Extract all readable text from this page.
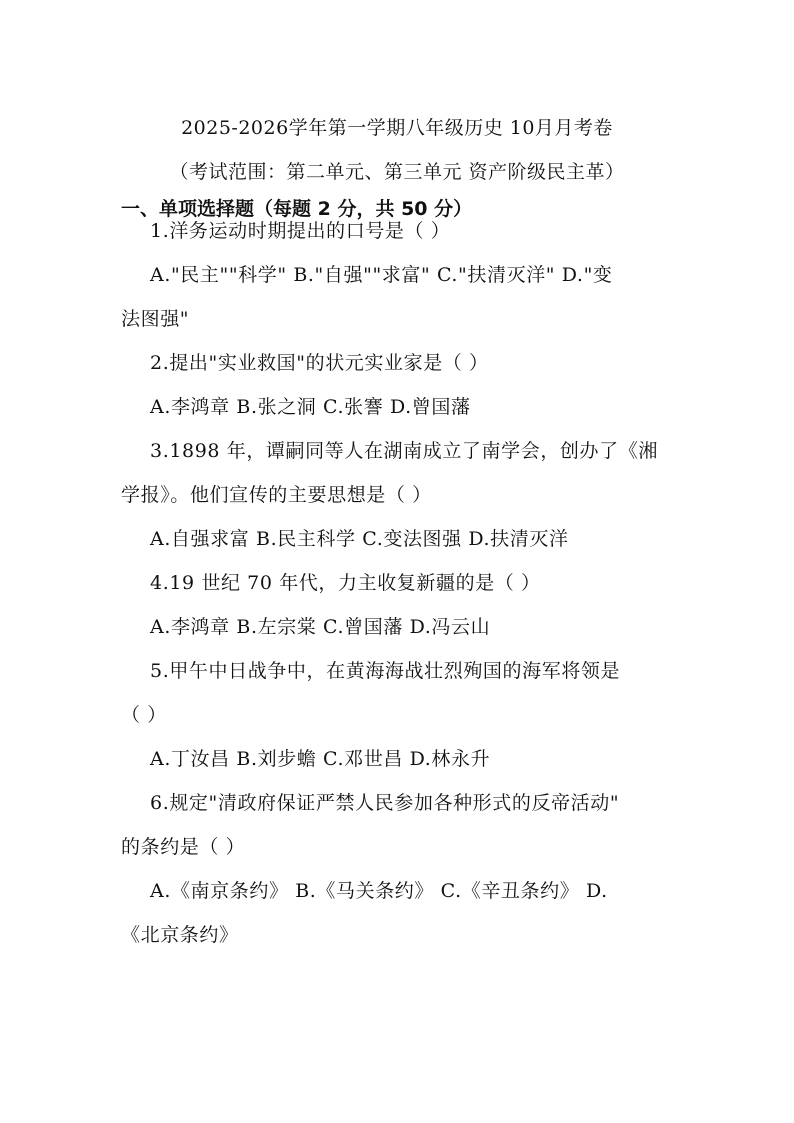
2025-2026学年第一学期八年级历史 10月月考卷
（考试范围：第二单元、第三单元 资产阶级民主革）
一、单项选择题（每题 2 分，共 50 分）
1.洋务运动时期提出的口号是（ ）
A."民主""科学" B."自强""求富" C."扶清灭洋" D."变
法图强"
2.提出"实业救国"的状元实业家是（ ）
A.李鸿章 B.张之洞 C.张謇 D.曾国藩
3.1898 年，谭嗣同等人在湖南成立了南学会，创办了《湘
学报》。他们宣传的主要思想是（ ）
A.自强求富 B.民主科学 C.变法图强 D.扶清灭洋
4.19 世纪 70 年代，力主收复新疆的是（ ）
A.李鸿章 B.左宗棠 C.曾国藩 D.冯云山
5.甲午中日战争中，在黄海海战壮烈殉国的海军将领是
（ ）
A.丁汝昌 B.刘步蟾 C.邓世昌 D.林永升
6.规定"清政府保证严禁人民参加各种形式的反帝活动"
的条约是（ ）
A.《南京条约》 B.《马关条约》 C.《辛丑条约》 D.
《北京条约》
